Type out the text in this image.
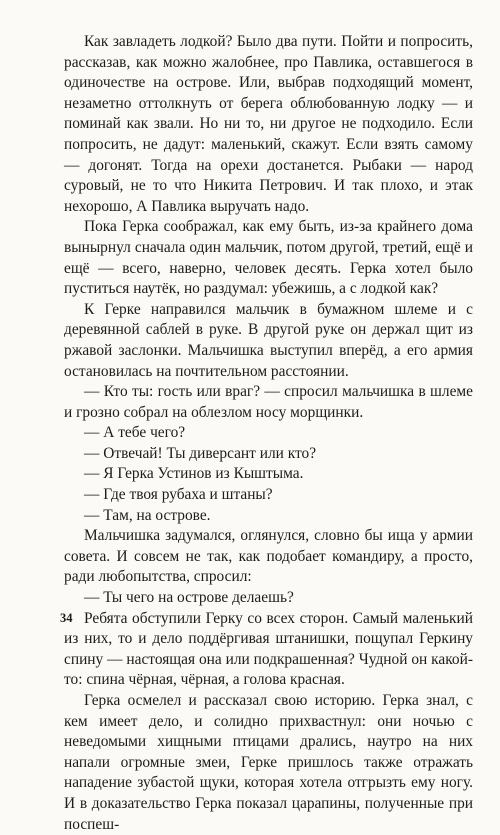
Как завладеть лодкой? Было два пути. Пойти и попросить, рассказав, как можно жалобнее, про Павлика, оставшегося в одиночестве на острове. Или, выбрав подходящий момент, незаметно оттолкнуть от берега облюбованную лодку — и поминай как звали. Но ни то, ни другое не подходило. Если попросить, не дадут: маленький, скажут. Если взять самому — догонят. Тогда на орехи достанется. Рыбаки — народ суровый, не то что Никита Петрович. И так плохо, и этак нехорошо, А Павлика выручать надо.

Пока Герка соображал, как ему быть, из-за крайнего дома вынырнул сначала один мальчик, потом другой, третий, ещё и ещё — всего, наверно, человек десять. Герка хотел было пуститься наутёк, но раздумал: убежишь, а с лодкой как?

К Герке направился мальчик в бумажном шлеме и с деревянной саблей в руке. В другой руке он держал щит из ржавой заслонки. Мальчишка выступил вперёд, а его армия остановилась на почтительном расстоянии.

— Кто ты: гость или враг? — спросил мальчишка в шлеме и грозно собрал на облезлом носу морщинки.

— А тебе чего?

— Отвечай! Ты диверсант или кто?

— Я Герка Устинов из Кыштыма.

— Где твоя рубаха и штаны?

— Там, на острове.

Мальчишка задумался, оглянулся, словно бы ища у армии совета. И совсем не так, как подобает командиру, а просто, ради любопытства, спросил:

— Ты чего на острове делаешь?

Ребята обступили Герку со всех сторон. Самый маленький из них, то и дело поддёргивая штанишки, пощупал Геркину спину — настоящая она или подкрашенная? Чудной он какой-то: спина чёрная, чёрная, а голова красная.

Герка осмелел и рассказал свою историю. Герка знал, с кем имеет дело, и солидно прихвастнул: они ночью с неведомыми хищными птицами дрались, наутро на них напали огромные змеи, Герке пришлось также отражать нападение зубастой щуки, которая хотела отгрызть ему ногу. И в доказательство Герка показал царапины, полученные при поспеш-

34
